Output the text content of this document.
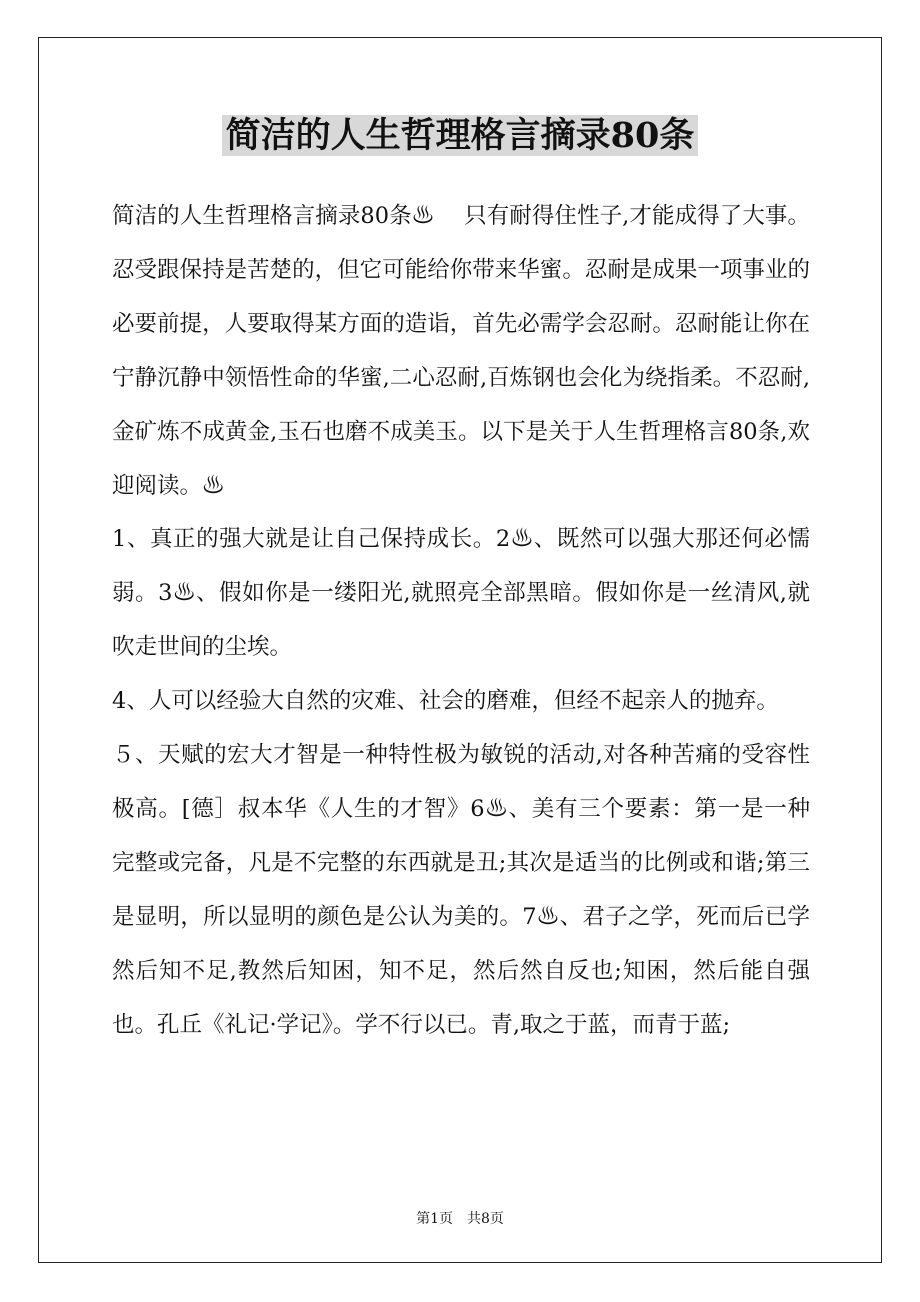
简洁的人生哲理格言摘录80条

简洁的人生哲理格言摘录80条♨　 只有耐得住性子,才能成得了大事。忍受跟保持是苦楚的，但它可能给你带来华蜜。忍耐是成果一项事业的必要前提，人要取得某方面的造诣，首先必需学会忍耐。忍耐能让你在宁静沉静中领悟性命的华蜜,二心忍耐,百炼钢也会化为绕指柔。不忍耐,金矿炼不成黄金,玉石也磨不成美玉。以下是关于人生哲理格言80条,欢迎阅读。♨

1、真正的强大就是让自己保持成长。2♨、既然可以强大那还何必懦弱。3♨、假如你是一缕阳光,就照亮全部黑暗。假如你是一丝清风,就吹走世间的尘埃。

4、人可以经验大自然的灾难、社会的磨难，但经不起亲人的抛弃。

５、天赋的宏大才智是一种特性极为敏锐的活动,对各种苦痛的受容性极高。[德］叔本华《人生的才智》6♨、美有三个要素：第一是一种完整或完备，凡是不完整的东西就是丑;其次是适当的比例或和谐;第三是显明，所以显明的颜色是公认为美的。7♨、君子之学，死而后已学然后知不足,教然后知困，知不足，然后然自反也;知困，然后能自强也。孔丘《礼记·学记》。学不行以已。青,取之于蓝，而青于蓝;

第1页　共8页
